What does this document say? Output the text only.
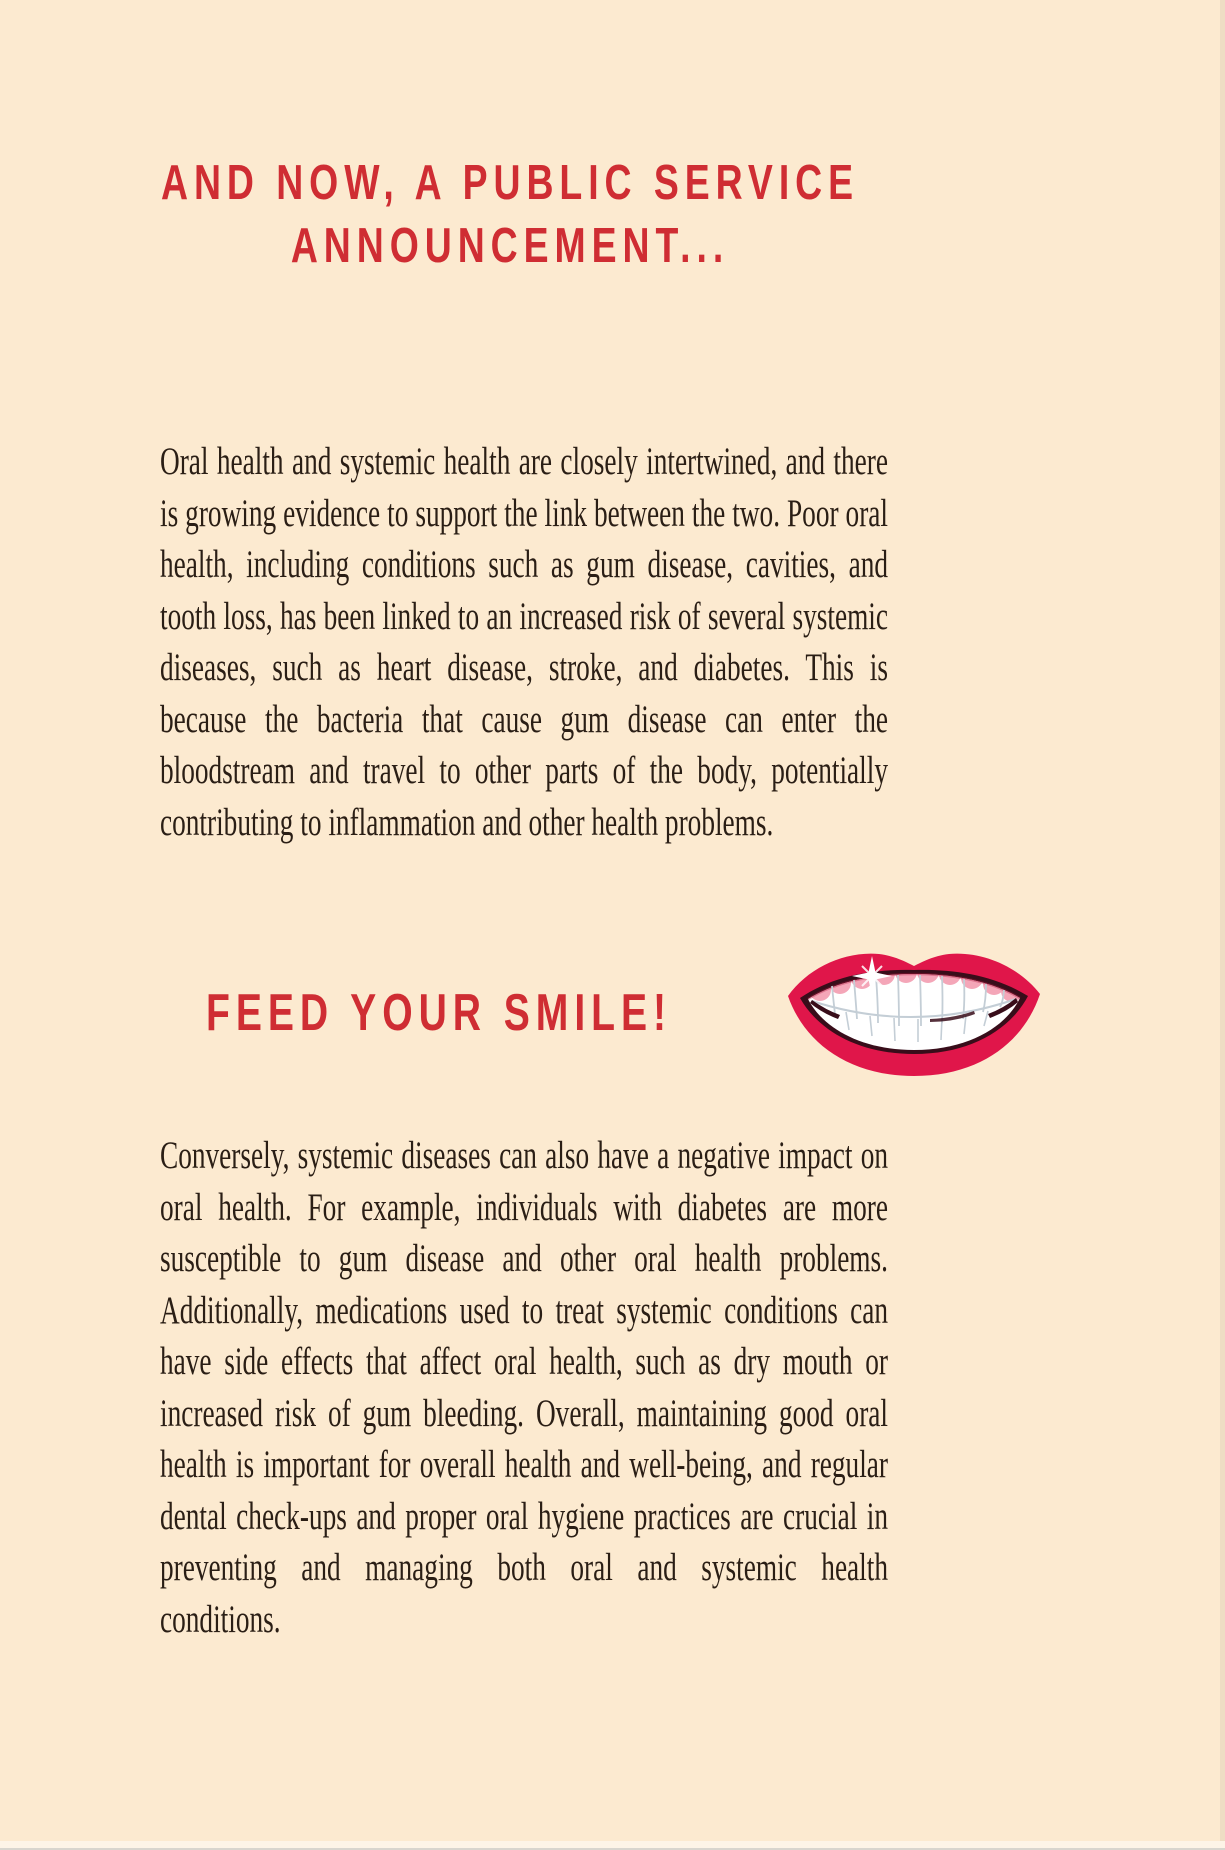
AND NOW, A PUBLIC SERVICE
ANNOUNCEMENT...
Oral health and systemic health are closely intertwined, and there is growing evidence to support the link between the two. Poor oral health, including conditions such as gum disease, cavities, and tooth loss, has been linked to an increased risk of several systemic diseases, such as heart disease, stroke, and diabetes. This is because the bacteria that cause gum disease can enter the bloodstream and travel to other parts of the body, potentially contributing to inflammation and other health problems.
FEED YOUR SMILE!
Conversely, systemic diseases can also have a negative impact on oral health. For example, individuals with diabetes are more susceptible to gum disease and other oral health problems. Additionally, medications used to treat systemic conditions can have side effects that affect oral health, such as dry mouth or increased risk of gum bleeding. Overall, maintaining good oral health is important for overall health and well-being, and regular dental check-ups and proper oral hygiene practices are crucial in preventing and managing both oral and systemic health conditions.
